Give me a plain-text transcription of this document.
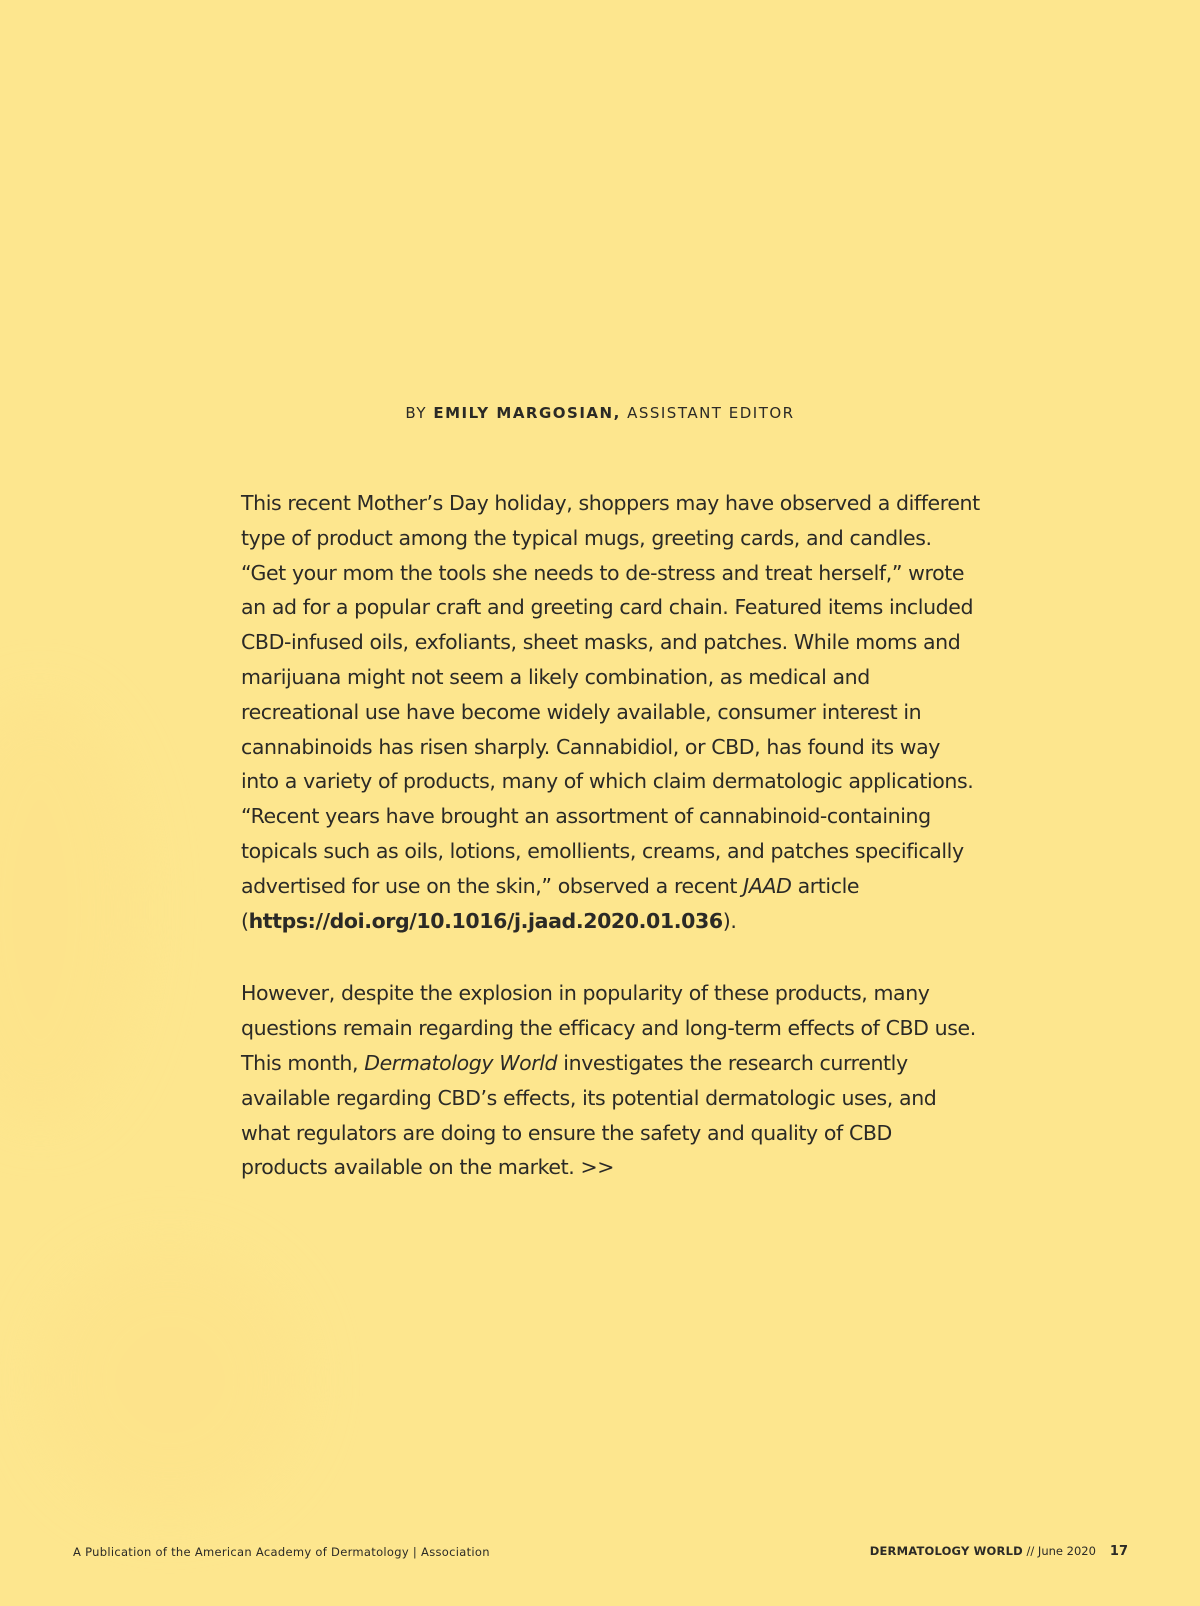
BY EMILY MARGOSIAN, ASSISTANT EDITOR

This recent Mother’s Day holiday, shoppers may have observed a different type of product among the typical mugs, greeting cards, and candles. “Get your mom the tools she needs to de-stress and treat herself,” wrote an ad for a popular craft and greeting card chain. Featured items included CBD-infused oils, exfoliants, sheet masks, and patches. While moms and marijuana might not seem a likely combination, as medical and recreational use have become widely available, consumer interest in cannabinoids has risen sharply. Cannabidiol, or CBD, has found its way into a variety of products, many of which claim dermatologic applications. “Recent years have brought an assortment of cannabinoid-containing topicals such as oils, lotions, emollients, creams, and patches specifically advertised for use on the skin,” observed a recent JAAD article (https://doi.org/10.1016/j.jaad.2020.01.036).

However, despite the explosion in popularity of these products, many questions remain regarding the efficacy and long-term effects of CBD use. This month, Dermatology World investigates the research currently available regarding CBD’s effects, its potential dermatologic uses, and what regulators are doing to ensure the safety and quality of CBD products available on the market. >>

A Publication of the American Academy of Dermatology | Association	DERMATOLOGY WORLD // June 2020 17
